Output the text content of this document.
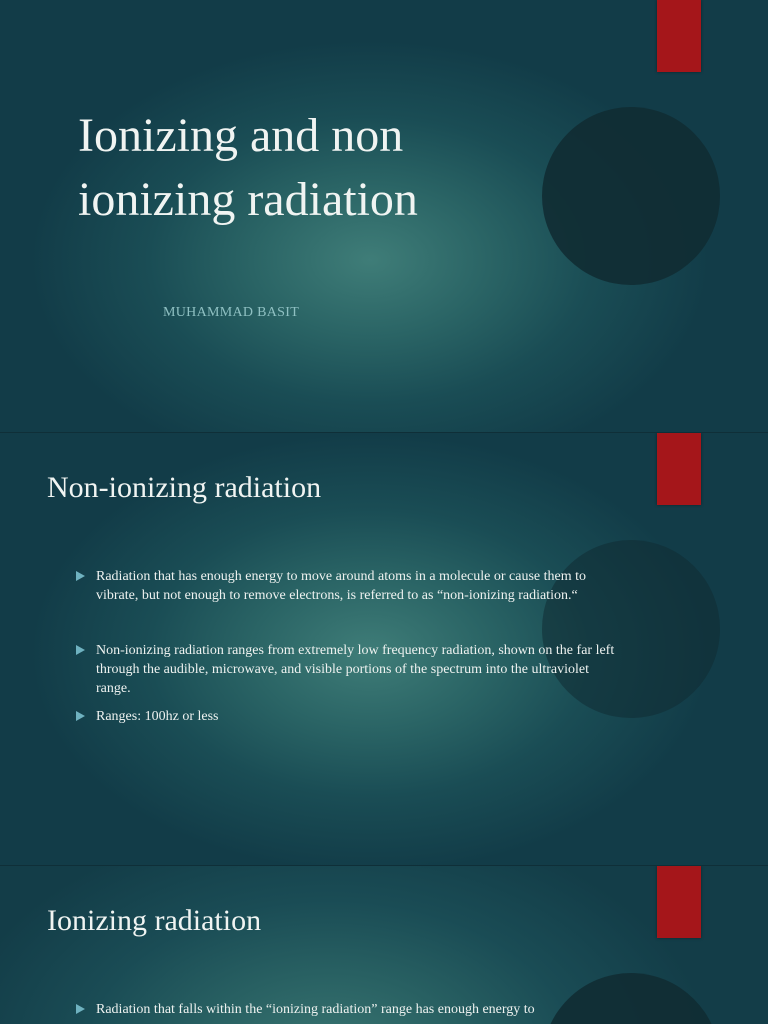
Ionizing and non ionizing radiation
MUHAMMAD BASIT
Non-ionizing radiation
Radiation that has enough energy to move around atoms in a molecule or cause them to vibrate, but not enough to remove electrons, is referred to as “non-ionizing radiation.“
Non-ionizing radiation ranges from extremely low frequency radiation, shown on the far left through the audible, microwave, and visible portions of the spectrum into the ultraviolet range.
Ranges: 100hz or less
Ionizing radiation
Radiation that falls within the “ionizing radiation” range has enough energy to
